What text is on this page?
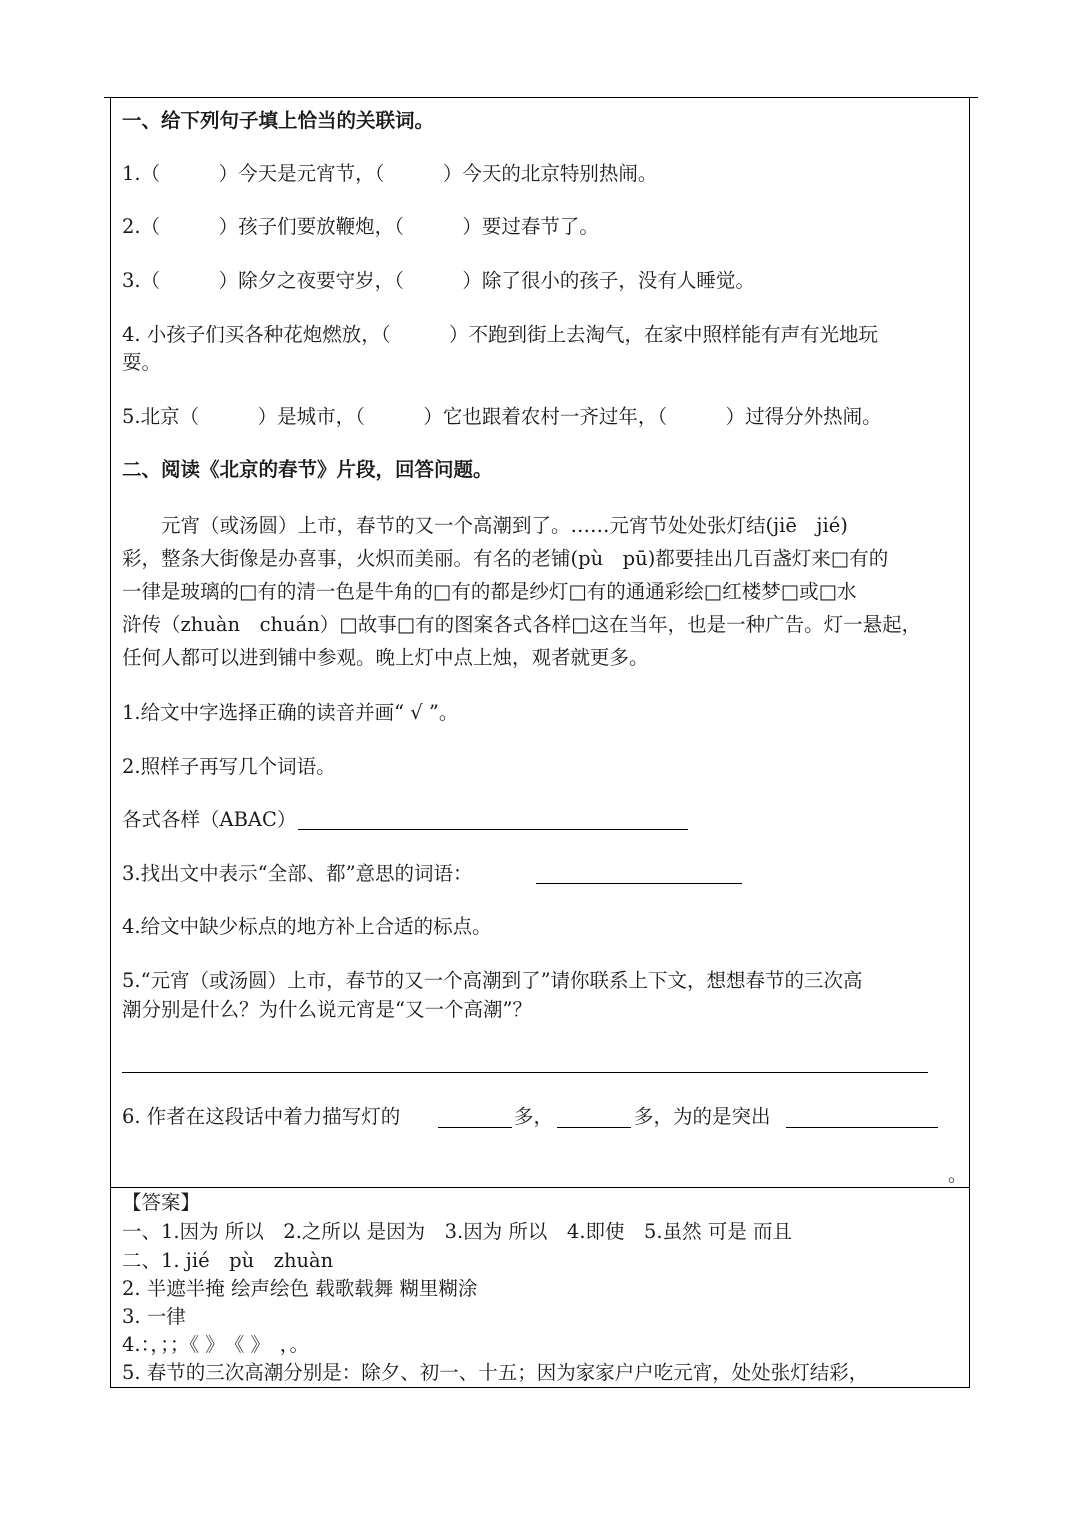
一、给下列句子填上恰当的关联词。
1.（　　　）今天是元宵节，（　　　）今天的北京特别热闹。
2.（　　　）孩子们要放鞭炮，（　　　）要过春节了。
3.（　　　）除夕之夜要守岁，（　　　）除了很小的孩子，没有人睡觉。
4. 小孩子们买各种花炮燃放，（　　　）不跑到街上去淘气，在家中照样能有声有光地玩
耍。
5.北京（　　　）是城市，（　　　）它也跟着农村一齐过年，（　　　）过得分外热闹。
二、阅读《北京的春节》片段，回答问题。
　　元宵（或汤圆）上市，春节的又一个高潮到了。……元宵节处处张灯结(jiē　jié)
彩，整条大街像是办喜事，火炽而美丽。有名的老铺(pù　pū)都要挂出几百盏灯来□有的
一律是玻璃的□有的清一色是牛角的□有的都是纱灯□有的通通彩绘□红楼梦□或□水
浒传（zhuàn　chuán）□故事□有的图案各式各样□这在当年，也是一种广告。灯一悬起，
任何人都可以进到铺中参观。晚上灯中点上烛，观者就更多。
1.给文中字选择正确的读音并画“ √ ”。
2.照样子再写几个词语。
各式各样（ABAC）
3.找出文中表示“全部、都”意思的词语：
4.给文中缺少标点的地方补上合适的标点。
5.“元宵（或汤圆）上市，春节的又一个高潮到了”请你联系上下文，想想春节的三次高
潮分别是什么？为什么说元宵是“又一个高潮”？
6. 作者在这段话中着力描写灯的	多，	多，为的是突出
。
【答案】
一、1.因为 所以　2.之所以 是因为　3.因为 所以　4.即使　5.虽然 可是 而且
二、1. jié　pù　zhuàn
2. 半遮半掩 绘声绘色 载歌载舞 糊里糊涂
3. 一律
4.：，；；《 》　《 》　，。
5. 春节的三次高潮分别是：除夕、初一、十五；因为家家户户吃元宵，处处张灯结彩，
